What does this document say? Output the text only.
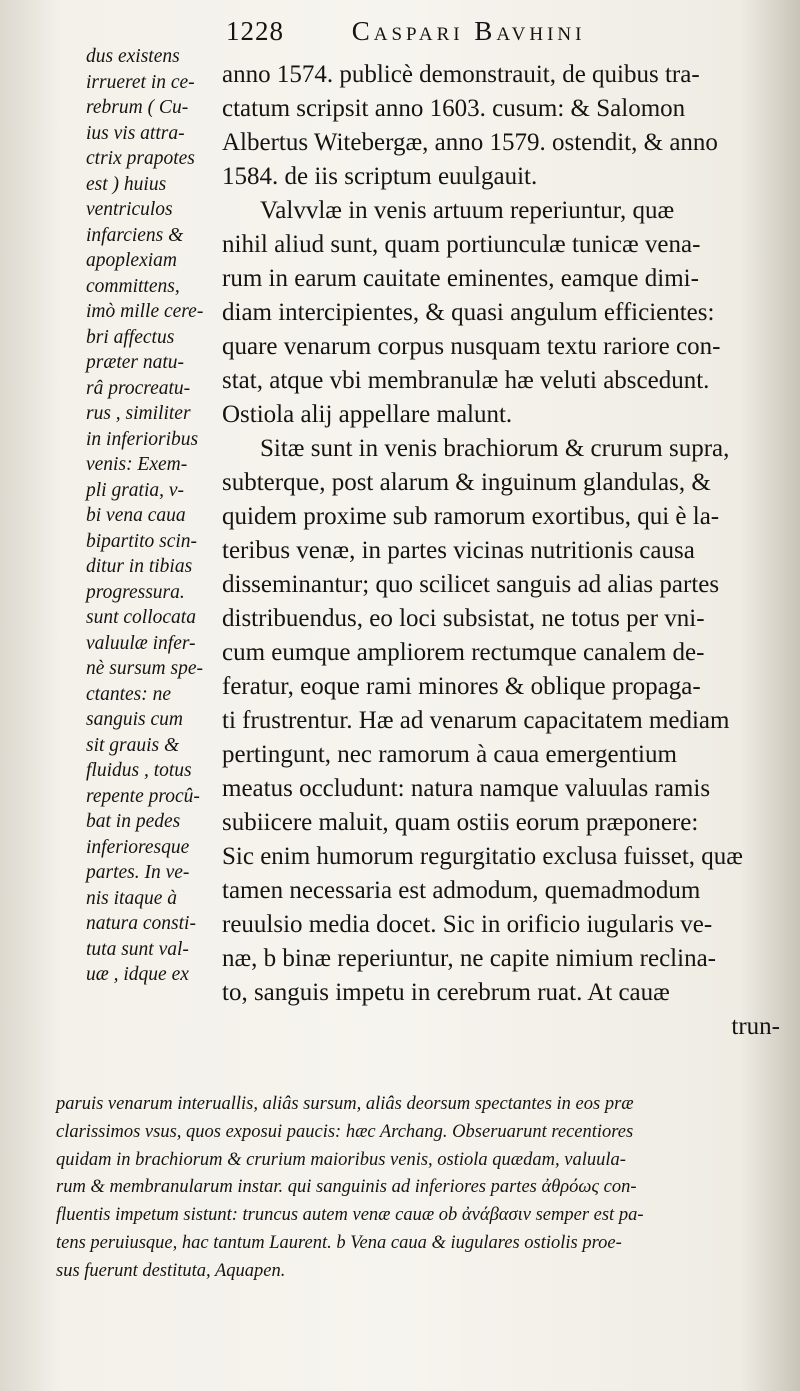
1228	Caspari Bavhini
dus existens
irrueret in ce-
rebrum ( Cu-
ius vis attra-
ctrix prapotes
est ) huius
ventriculos
infarciens &
apoplexiam
committens,
imò mille cere-
bri affectus
præter natu-
râ procreatu-
rus , similiter
in inferioribus
venis: Exem-
pli gratia, v-
bi vena caua
bipartito scin-
ditur in tibias
progressura.
sunt collocata
valuulæ infer-
nè sursum spe-
ctantes: ne
sanguis cum
sit grauis &
fluidus , totus
repente procû-
bat in pedes
inferioresque
partes. In ve-
nis itaque à
natura consti-
tuta sunt val-
uæ , idque ex
anno 1574. publicè demonstrauit, de quibus tra-
ctatum scripsit anno 1603. cusum: & Salomon
Albertus Witebergæ, anno 1579. ostendit, & anno
1584. de iis scriptum euulgauit.
Valvvlæ in venis artuum reperiuntur, quæ
nihil aliud sunt, quam portiunculæ tunicæ vena-
rum in earum cauitate eminentes, eamque dimi-
diam intercipientes, & quasi angulum efficientes:
quare venarum corpus nusquam textu rariore con-
stat, atque vbi membranulæ hæ veluti abscedunt.
Ostiola alij appellare malunt.
Sitæ sunt in venis brachiorum & crurum supra,
subterque, post alarum & inguinum glandulas, &
quidem proxime sub ramorum exortibus, qui è la-
teribus venæ, in partes vicinas nutritionis causa
disseminantur; quo scilicet sanguis ad alias partes
distribuendus, eo loci subsistat, ne totus per vni-
cum eumque ampliorem rectumque canalem de-
feratur, eoque rami minores & oblique propaga-
ti frustrentur. Hæ ad venarum capacitatem mediam
pertingunt, nec ramorum à caua emergentium
meatus occludunt: natura namque valuulas ramis
subiicere maluit, quam ostiis eorum præponere:
Sic enim humorum regurgitatio exclusa fuisset, quæ
tamen necessaria est admodum, quemadmodum
reuulsio media docet. Sic in orificio iugularis ve-
næ, b binæ reperiuntur, ne capite nimium reclina-
to, sanguis impetu in cerebrum ruat. At cauæ
trun-
paruis venarum interuallis, aliâs sursum, aliâs deorsum spectantes in eos præ
clarissimos vsus, quos exposui paucis: hæc Archang. Obseruarunt recentiores
quidam in brachiorum & crurium maioribus venis, ostiola quædam, valuula-
rum & membranularum instar. qui sanguinis ad inferiores partes ἀθρόως con-
fluentis impetum sistunt: truncus autem venæ cauæ ob ἀνάβασιν semper est pa-
tens peruiusque, hac tantum Laurent. b Vena caua & iugulares ostiolis proe-
sus fuerunt destituta, Aquapen.
